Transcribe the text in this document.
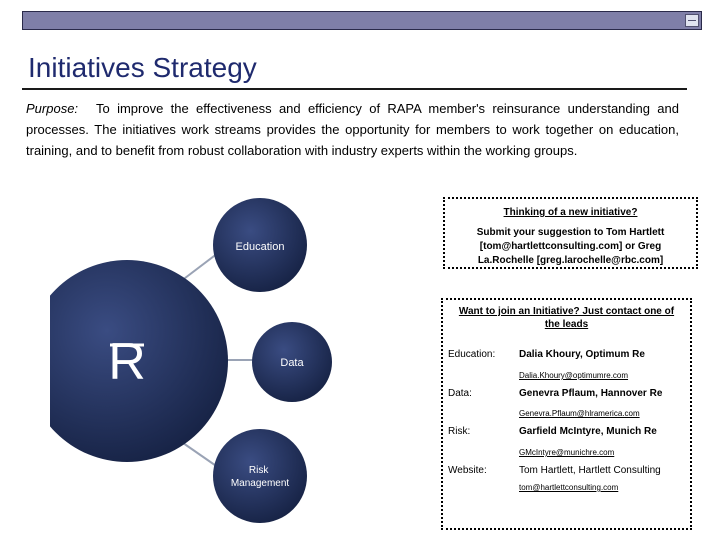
Initiatives Strategy
Purpose: To improve the effectiveness and efficiency of RAPA member's reinsurance understanding and processes. The initiatives work streams provides the opportunity for members to work together on education, training, and to benefit from robust collaboration with industry experts within the working groups.
R
Education
Data
Risk Management
Thinking of a new initiative?
Submit your suggestion to Tom Hartlett [tom@hartlettconsulting.com] or Greg La.Rochelle [greg.larochelle@rbc.com]
Want to join an Initiative? Just contact one of the leads
Education: Dalia Khoury, Optimum Re
Dalia.Khoury@optimumre.com
Data:	Genevra Pflaum, Hannover Re
Genevra.Pflaum@hlramerica.com
Risk:	Garfield McIntyre, Munich Re
GMcIntyre@munichre.com
Website:	Tom Hartlett, Hartlett Consulting
tom@hartlettconsulting.com
